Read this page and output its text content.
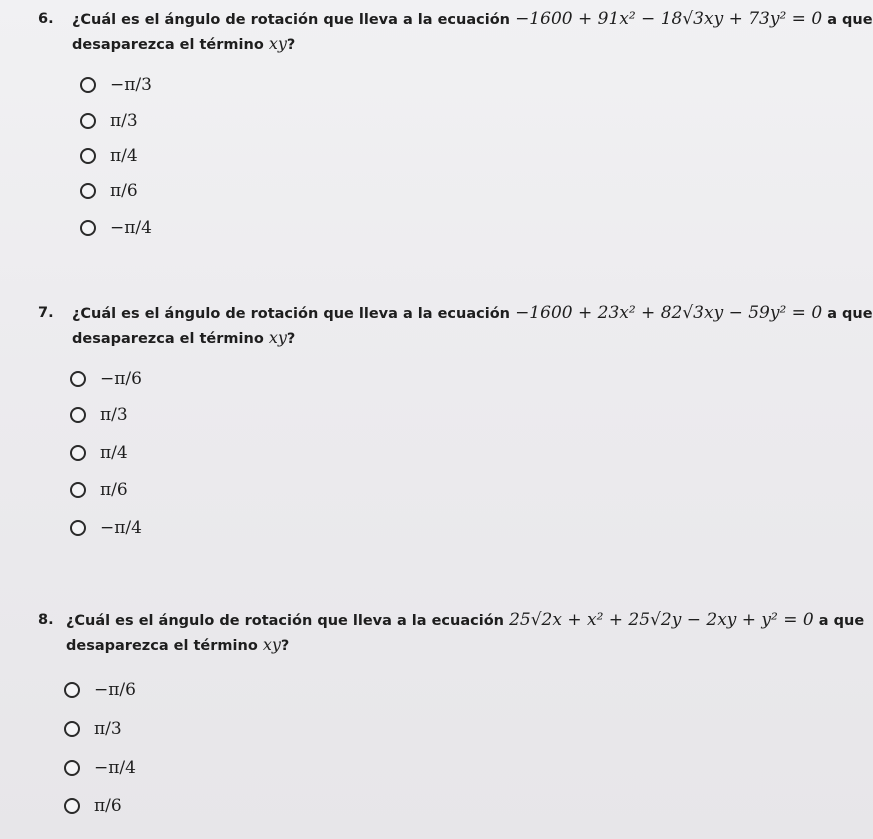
6. ¿Cuál es el ángulo de rotación que lleva a la ecuación −1600 + 91x² − 18√3xy + 73y² = 0 a que
desaparezca el término xy?
−π/3
π/3
π/4
π/6
−π/4
7. ¿Cuál es el ángulo de rotación que lleva a la ecuación −1600 + 23x² + 82√3xy − 59y² = 0 a que
desaparezca el término xy?
−π/6
π/3
π/4
π/6
−π/4
8. ¿Cuál es el ángulo de rotación que lleva a la ecuación 25√2x + x² + 25√2y − 2xy + y² = 0 a que
desaparezca el término xy?
−π/6
π/3
−π/4
π/6
